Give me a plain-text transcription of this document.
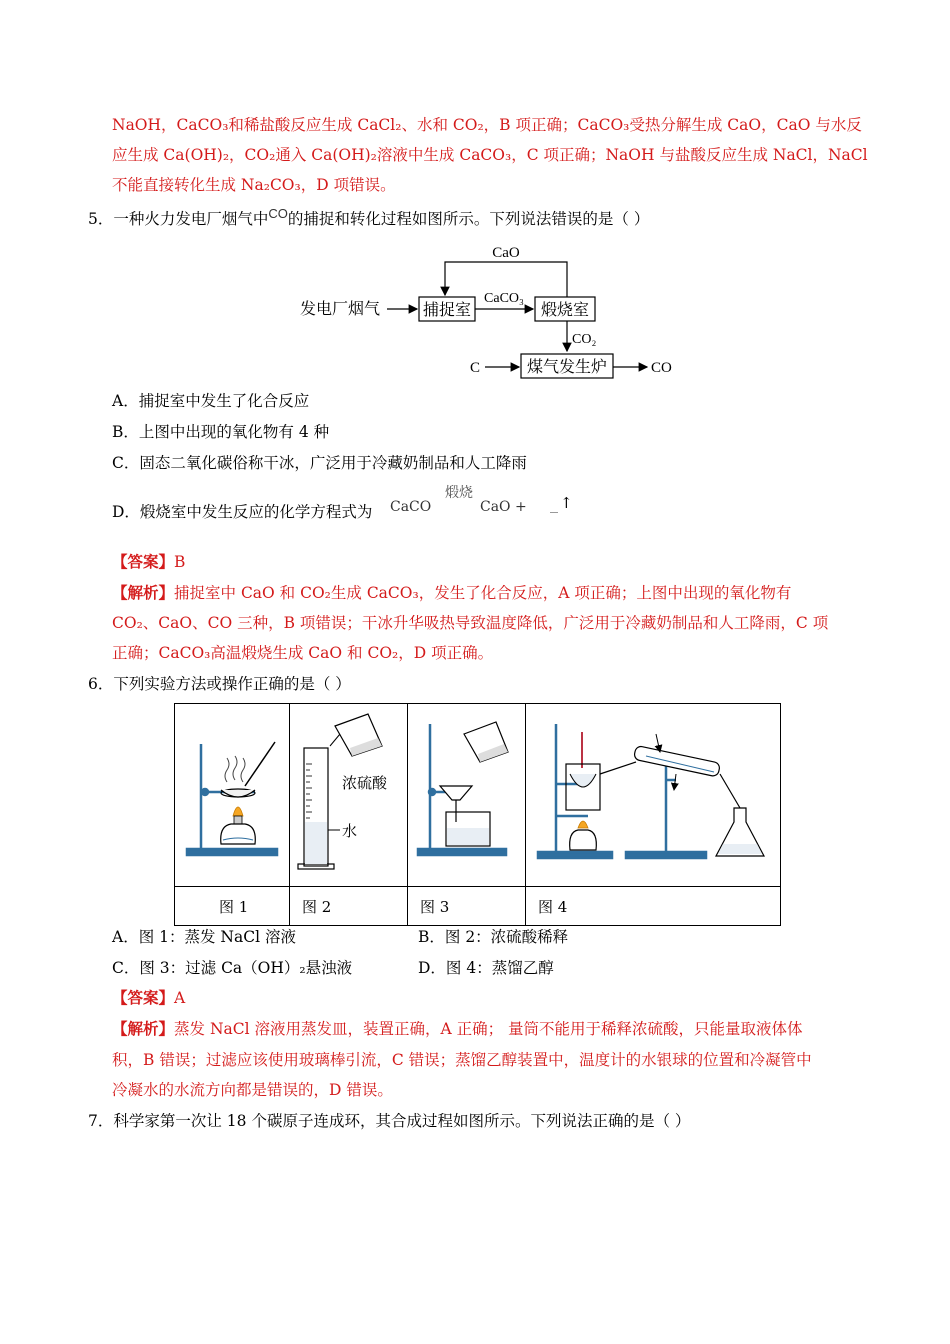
NaOH，CaCO₃和稀盐酸反应生成 CaCl₂、水和 CO₂，B 项正确；CaCO₃受热分解生成 CaO，CaO 与水反
应生成 Ca(OH)₂，CO₂通入 Ca(OH)₂溶液中生成 CaCO₃，C 项正确；NaOH 与盐酸反应生成 NaCl，NaCl
不能直接转化生成 Na₂CO₃，D 项错误。
5．一种火力发电厂烟气中$^{CO}$的捕捉和转化过程如图所示。下列说法错误的是（ ）
CaO
发电厂烟气	捕捉室
CaCO₃
煅烧室
CO₂
C	煤气发生炉	CO
A．捕捉室中发生了化合反应
B．上图中出现的氧化物有 4 种
C．固态二氧化碳俗称干冰，广泛用于冷藏奶制品和人工降雨
D．煅烧室中发生反应的化学方程式为 CaCO
煅烧
CaO + ↑
【答案】B
【解析】捕捉室中 CaO 和 CO₂生成 CaCO₃，发生了化合反应，A 项正确；上图中出现的氧化物有
CO₂、CaO、CO 三种，B 项错误；干冰升华吸热导致温度降低，广泛用于冷藏奶制品和人工降雨，C 项
正确；CaCO₃高温煅烧生成 CaO 和 CO₂，D 项正确。
6．下列实验方法或操作正确的是（ ）

浓硫酸
水

图 1	图 2	图 3	图 4
A．图 1：蒸发 NaCl 溶液	B．图 2：浓硫酸稀释
C．图 3：过滤 Ca（OH）₂悬浊液	D．图 4：蒸馏乙醇
【答案】A
【解析】蒸发 NaCl 溶液用蒸发皿，装置正确，A 正确； 量筒不能用于稀释浓硫酸，只能量取液体体
积，B 错误；过滤应该使用玻璃棒引流，C 错误；蒸馏乙醇装置中，温度计的水银球的位置和冷凝管中
冷凝水的水流方向都是错误的，D 错误。
7．科学家第一次让 18 个碳原子连成环，其合成过程如图所示。下列说法正确的是（ ）
